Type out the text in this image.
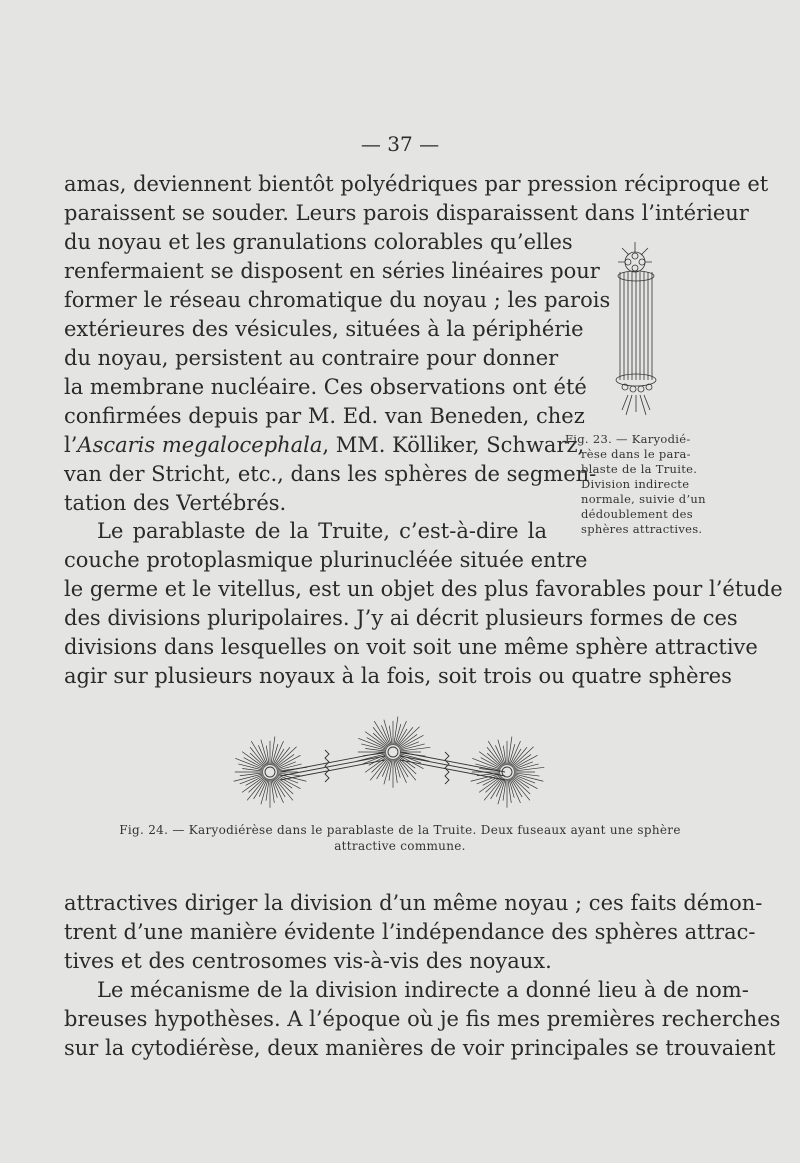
— 37 —
amas, deviennent bientôt polyédriques par pression réciproque et
paraissent se souder. Leurs parois disparaissent dans l’intérieur
du noyau et les granulations colorables qu’elles
renfermaient se disposent en séries linéaires pour
former le réseau chromatique du noyau ; les parois
extérieures des vésicules, situées à la périphérie
du noyau, persistent au contraire pour donner
la membrane nucléaire. Ces observations ont été
confirmées depuis par M. Ed. van Beneden, chez
l’Ascaris megalocephala , MM. Kölliker, Schwarz,
van der Stricht, etc., dans les sphères de segmen-
tation des Vertébrés.
Le parablaste de la Truite, c’est-à-dire la
couche protoplasmique plurinucléée située entre
le germe et le vitellus, est un objet des plus favorables pour l’étude
des divisions pluripolaires. J’y ai décrit plusieurs formes de ces
divisions dans lesquelles on voit soit une même sphère attractive
agir sur plusieurs noyaux à la fois, soit trois ou quatre sphères
Fig. 23. — Karyodié-
rèse dans le para-
blaste de la Truite.
Division indirecte
normale, suivie d’un
dédoublement des
sphères attractives.
Fig. 24. — Karyodiérèse dans le parablaste de la Truite. Deux fuseaux ayant une sphère
attractive commune.
attractives diriger la division d’un même noyau ; ces faits démon-
trent d’une manière évidente l’indépendance des sphères attrac-
tives et des centrosomes vis-à-vis des noyaux.
Le mécanisme de la division indirecte a donné lieu à de nom-
breuses hypothèses. A l’époque où je fis mes premières recherches
sur la cytodiérèse, deux manières de voir principales se trouvaient
